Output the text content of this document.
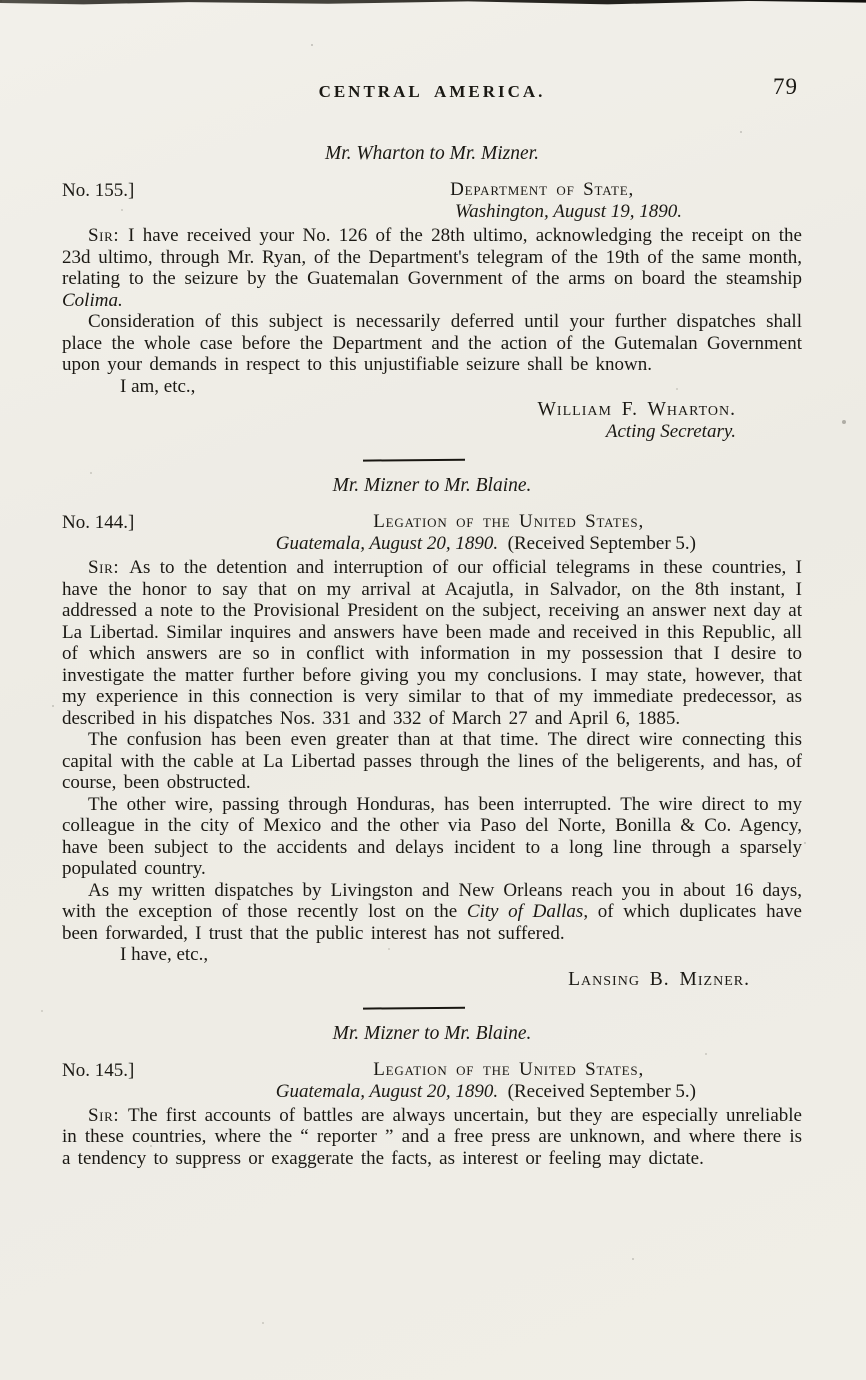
CENTRAL AMERICA.	79
Mr. Wharton to Mr. Mizner.
No. 155.]	Department of State,
Washington, August 19, 1890.

Sir: I have received your No. 126 of the 28th ultimo, acknowledging the receipt on the 23d ultimo, through Mr. Ryan, of the Department's telegram of the 19th of the same month, relating to the seizure by the Guatemalan Government of the arms on board the steamship Colima.

Consideration of this subject is necessarily deferred until your further dispatches shall place the whole case before the Department and the action of the Gutemalan Government upon your demands in respect to this unjustifiable seizure shall be known.

I am, etc.,
William F. Wharton.
Acting Secretary.
Mr. Mizner to Mr. Blaine.
No. 144.]	Legation of the United States,
Guatemala, August 20, 1890. (Received September 5.)

Sir: As to the detention and interruption of our official telegrams in these countries, I have the honor to say that on my arrival at Acajutla, in Salvador, on the 8th instant, I addressed a note to the Provisional President on the subject, receiving an answer next day at La Libertad. Similar inquires and answers have been made and received in this Republic, all of which answers are so in conflict with information in my possession that I desire to investigate the matter further before giving you my conclusions. I may state, however, that my experience in this connection is very similar to that of my immediate predecessor, as described in his dispatches Nos. 331 and 332 of March 27 and April 6, 1885.

The confusion has been even greater than at that time. The direct wire connecting this capital with the cable at La Libertad passes through the lines of the beligerents, and has, of course, been obstructed.

The other wire, passing through Honduras, has been interrupted. The wire direct to my colleague in the city of Mexico and the other via Paso del Norte, Bonilla & Co. Agency, have been subject to the accidents and delays incident to a long line through a sparsely populated country.

As my written dispatches by Livingston and New Orleans reach you in about 16 days, with the exception of those recently lost on the City of Dallas, of which duplicates have been forwarded, I trust that the public interest has not suffered.

I have, etc.,
Lansing B. Mizner.
Mr. Mizner to Mr. Blaine.
No. 145.]	Legation of the United States,
Guatemala, August 20, 1890. (Received September 5.)

Sir: The first accounts of battles are always uncertain, but they are especially unreliable in these countries, where the “ reporter ” and a free press are unknown, and where there is a tendency to suppress or exaggerate the facts, as interest or feeling may dictate.
